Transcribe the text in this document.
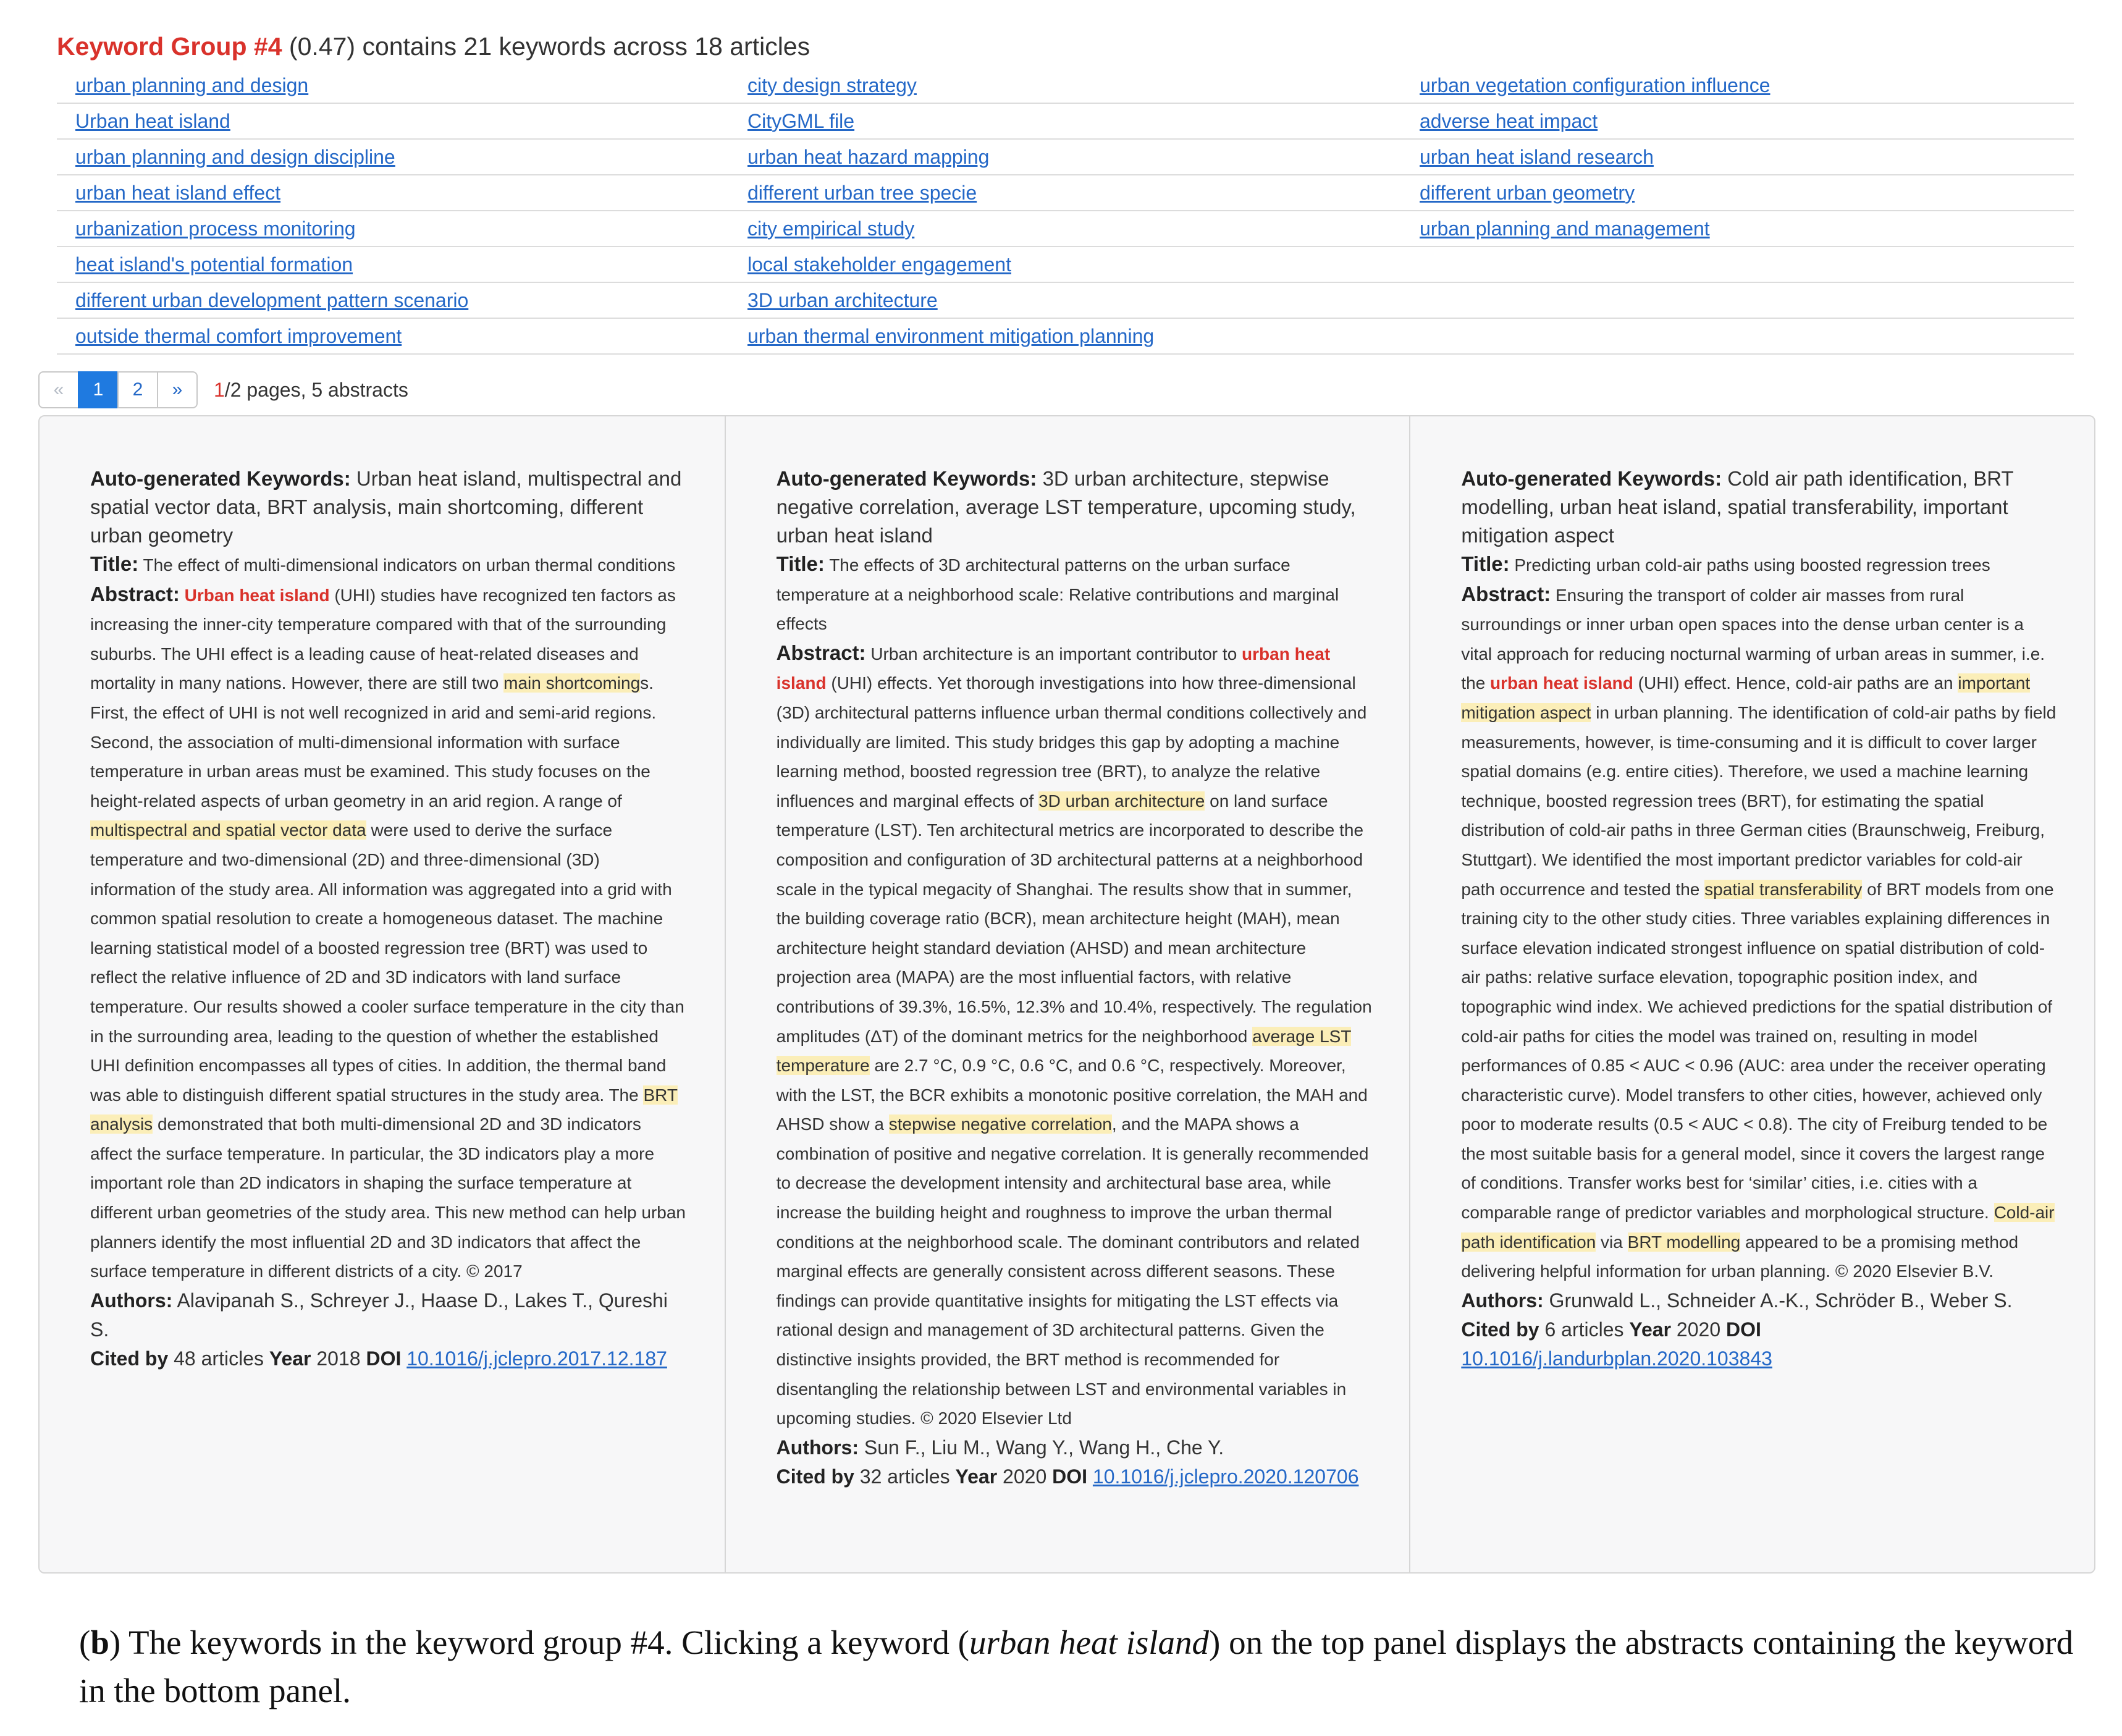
Keyword Group #4 (0.47) contains 21 keywords across 18 articles
urban planning and design	city design strategy	urban vegetation configuration influence
Urban heat island	CityGML file	adverse heat impact
urban planning and design discipline	urban heat hazard mapping	urban heat island research
urban heat island effect	different urban tree specie	different urban geometry
urbanization process monitoring	city empirical study	urban planning and management
heat island's potential formation	local stakeholder engagement
different urban development pattern scenario	3D urban architecture
outside thermal comfort improvement	urban thermal environment mitigation planning
«	1	2	»	1/2 pages, 5 abstracts
Auto-generated Keywords: Urban heat island, multispectral and spatial vector data, BRT analysis, main shortcoming, different urban geometry
Title: The effect of multi-dimensional indicators on urban thermal conditions
Abstract: Urban heat island (UHI) studies have recognized ten factors as increasing the inner-city temperature compared with that of the surrounding suburbs. The UHI effect is a leading cause of heat-related diseases and mortality in many nations. However, there are still two main shortcomings. First, the effect of UHI is not well recognized in arid and semi-arid regions. Second, the association of multi-dimensional information with surface temperature in urban areas must be examined. This study focuses on the height-related aspects of urban geometry in an arid region. A range of multispectral and spatial vector data were used to derive the surface temperature and two-dimensional (2D) and three-dimensional (3D) information of the study area. All information was aggregated into a grid with common spatial resolution to create a homogeneous dataset. The machine learning statistical model of a boosted regression tree (BRT) was used to reflect the relative influence of 2D and 3D indicators with land surface temperature. Our results showed a cooler surface temperature in the city than in the surrounding area, leading to the question of whether the established UHI definition encompasses all types of cities. In addition, the thermal band was able to distinguish different spatial structures in the study area. The BRT analysis demonstrated that both multi-dimensional 2D and 3D indicators affect the surface temperature. In particular, the 3D indicators play a more important role than 2D indicators in shaping the surface temperature at different urban geometries of the study area. This new method can help urban planners identify the most influential 2D and 3D indicators that affect the surface temperature in different districts of a city. © 2017
Authors: Alavipanah S., Schreyer J., Haase D., Lakes T., Qureshi S.
Cited by 48 articles Year 2018 DOI 10.1016/j.jclepro.2017.12.187
Auto-generated Keywords: 3D urban architecture, stepwise negative correlation, average LST temperature, upcoming study, urban heat island
Title: The effects of 3D architectural patterns on the urban surface temperature at a neighborhood scale: Relative contributions and marginal effects
Abstract: Urban architecture is an important contributor to urban heat island (UHI) effects. Yet thorough investigations into how three-dimensional (3D) architectural patterns influence urban thermal conditions collectively and individually are limited. This study bridges this gap by adopting a machine learning method, boosted regression tree (BRT), to analyze the relative influences and marginal effects of 3D urban architecture on land surface temperature (LST). Ten architectural metrics are incorporated to describe the composition and configuration of 3D architectural patterns at a neighborhood scale in the typical megacity of Shanghai. The results show that in summer, the building coverage ratio (BCR), mean architecture height (MAH), mean architecture height standard deviation (AHSD) and mean architecture projection area (MAPA) are the most influential factors, with relative contributions of 39.3%, 16.5%, 12.3% and 10.4%, respectively. The regulation amplitudes (ΔT) of the dominant metrics for the neighborhood average LST temperature are 2.7 °C, 0.9 °C, 0.6 °C, and 0.6 °C, respectively. Moreover, with the LST, the BCR exhibits a monotonic positive correlation, the MAH and AHSD show a stepwise negative correlation, and the MAPA shows a combination of positive and negative correlation. It is generally recommended to decrease the development intensity and architectural base area, while increase the building height and roughness to improve the urban thermal conditions at the neighborhood scale. The dominant contributors and related marginal effects are generally consistent across different seasons. These findings can provide quantitative insights for mitigating the LST effects via rational design and management of 3D architectural patterns. Given the distinctive insights provided, the BRT method is recommended for disentangling the relationship between LST and environmental variables in upcoming studies. © 2020 Elsevier Ltd
Authors: Sun F., Liu M., Wang Y., Wang H., Che Y.
Cited by 32 articles Year 2020 DOI 10.1016/j.jclepro.2020.120706
Auto-generated Keywords: Cold air path identification, BRT modelling, urban heat island, spatial transferability, important mitigation aspect
Title: Predicting urban cold-air paths using boosted regression trees
Abstract: Ensuring the transport of colder air masses from rural surroundings or inner urban open spaces into the dense urban center is a vital approach for reducing nocturnal warming of urban areas in summer, i.e. the urban heat island (UHI) effect. Hence, cold-air paths are an important mitigation aspect in urban planning. The identification of cold-air paths by field measurements, however, is time-consuming and it is difficult to cover larger spatial domains (e.g. entire cities). Therefore, we used a machine learning technique, boosted regression trees (BRT), for estimating the spatial distribution of cold-air paths in three German cities (Braunschweig, Freiburg, Stuttgart). We identified the most important predictor variables for cold-air path occurrence and tested the spatial transferability of BRT models from one training city to the other study cities. Three variables explaining differences in surface elevation indicated strongest influence on spatial distribution of cold-air paths: relative surface elevation, topographic position index, and topographic wind index. We achieved predictions for the spatial distribution of cold-air paths for cities the model was trained on, resulting in model performances of 0.85 < AUC < 0.96 (AUC: area under the receiver operating characteristic curve). Model transfers to other cities, however, achieved only poor to moderate results (0.5 < AUC < 0.8). The city of Freiburg tended to be the most suitable basis for a general model, since it covers the largest range of conditions. Transfer works best for ‘similar’ cities, i.e. cities with a comparable range of predictor variables and morphological structure. Cold-air path identification via BRT modelling appeared to be a promising method delivering helpful information for urban planning. © 2020 Elsevier B.V.
Authors: Grunwald L., Schneider A.-K., Schröder B., Weber S.
Cited by 6 articles Year 2020 DOI 10.1016/j.landurbplan.2020.103843
(b) The keywords in the keyword group #4. Clicking a keyword (urban heat island) on the top panel displays the abstracts containing the keyword in the bottom panel.
